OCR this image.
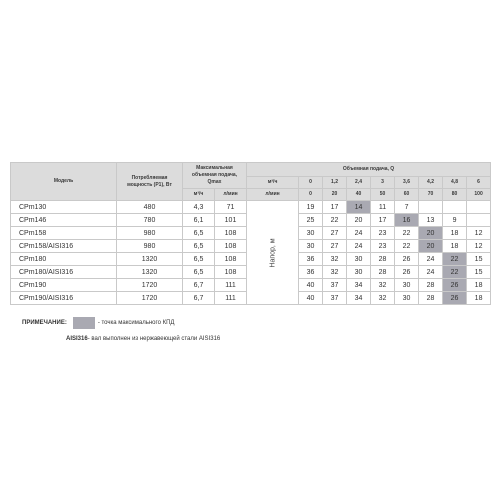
Модель	Потребляемая мощность (P1), Вт	Максимальная объемная подача, Qmax		Объемная подача, Q								
				м³/ч	0	1,2	2,4	3	3,6	4,2	4,8	6
		м³/ч	л/мин	л/мин	0	20	40	50	60	70	80	100
CPm130	480	4,3	71	Напор, м	19	17	14	11	7			
CPm146	780	6,1	101		25	22	20	17	16	13	9	
CPm158	980	6,5	108		30	27	24	23	22	20	18	12
CPm158/AISI316	980	6,5	108		30	27	24	23	22	20	18	12
CPm180	1320	6,5	108		36	32	30	28	26	24	22	15
CPm180/AISI316	1320	6,5	108		36	32	30	28	26	24	22	15
CPm190	1720	6,7	111		40	37	34	32	30	28	26	18
CPm190/AISI316	1720	6,7	111		40	37	34	32	30	28	26	18
ПРИМЕЧАНИЕ:	- точка максимального КПД
AISI316 - вал выполнен из нержавеющей стали AISI316
